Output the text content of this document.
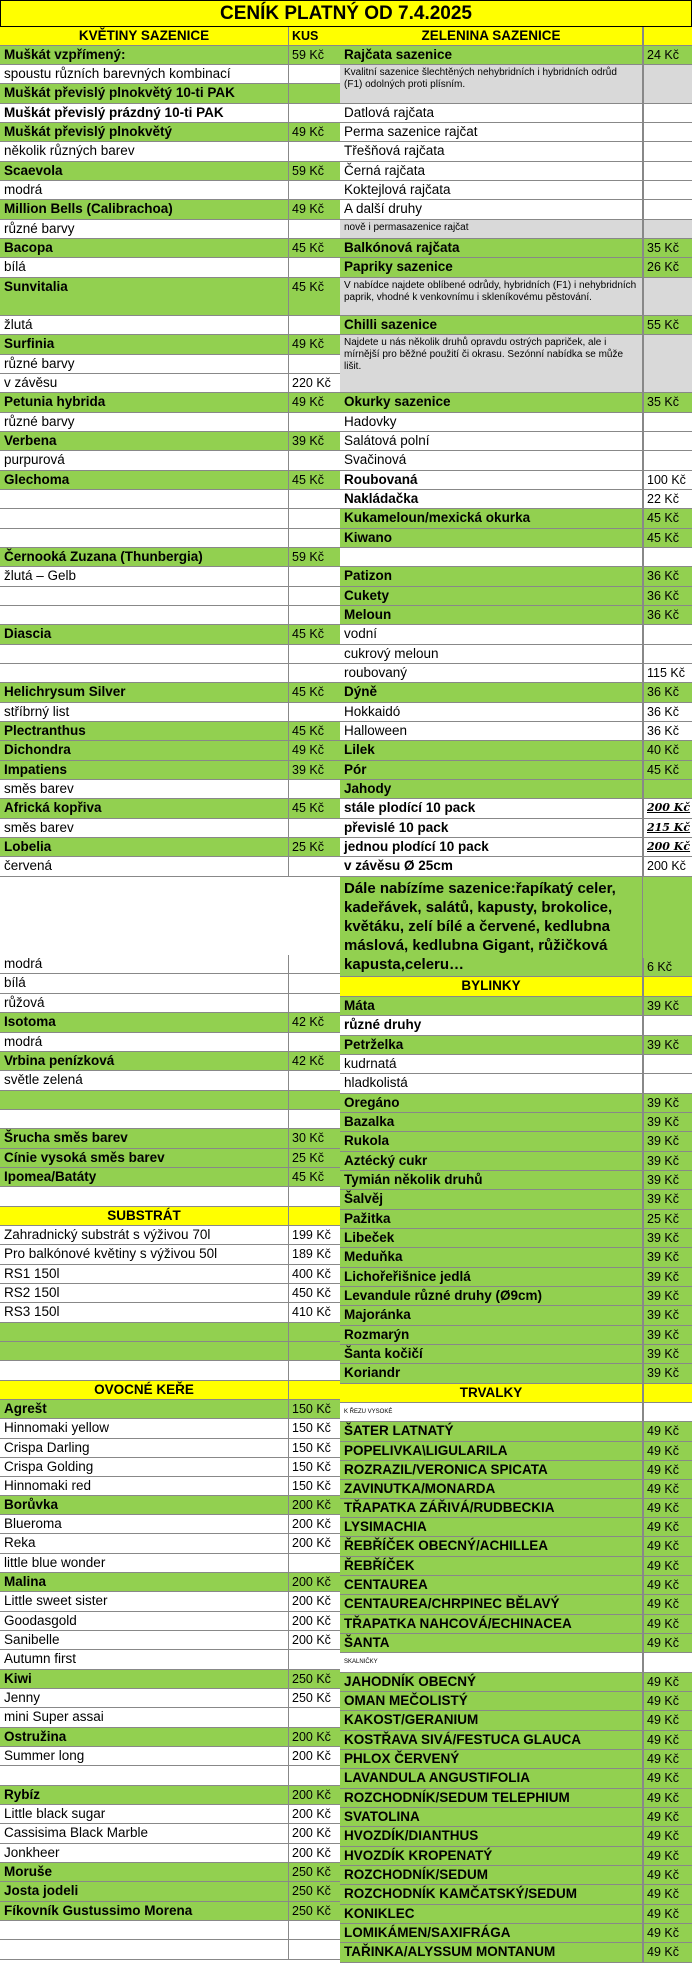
CENÍK PLATNÝ OD 7.4.2025
KVĚTINY SAZENICE	KUS
Muškát vzpřímený:	59 Kč
spoustu různích barevných kombinací
Muškát převislý plnokvětý 10-ti PAK
Muškát převislý prázdný 10-ti PAK
Muškát převislý plnokvětý	49 Kč
několik různých barev
Scaevola	59 Kč
modrá
Million Bells (Calibrachoa)	49 Kč
různé barvy
Bacopa	45 Kč
bílá
Sunvitalia	45 Kč
žlutá
Surfinia	49 Kč
různé barvy
v závěsu	220 Kč
Petunia hybrida	49 Kč
různé barvy
Verbena	39 Kč
purpurová
Glechoma	45 Kč
Černooká Zuzana (Thunbergia)	59 Kč
žlutá – Gelb
Diascia	45 Kč
Helichrysum Silver	45 Kč
stříbrný list
Plectranthus	45 Kč
Dichondra	49 Kč
Impatiens	39 Kč
směs barev
Africká kopřiva	45 Kč
směs barev
Lobelia	25 Kč
červená
modrá
bílá
růžová
Isotoma	42 Kč
modrá
Vrbina penízková	42 Kč
světle zelená
Šrucha směs barev	30 Kč
Cínie vysoká směs barev	25 Kč
Ipomea/Batáty	45 Kč
SUBSTRÁT
Zahradnický substrát s výživou 70l	199 Kč
Pro balkónové květiny s výživou 50l	189 Kč
RS1 150l	400 Kč
RS2 150l	450 Kč
RS3 150l	410 Kč
OVOCNÉ KEŘE
Agrešt	150 Kč
Hinnomaki yellow	150 Kč
Crispa Darling	150 Kč
Crispa Golding	150 Kč
Hinnomaki red	150 Kč
Borůvka	200 Kč
Blueroma	200 Kč
Reka	200 Kč
little blue wonder
Malina	200 Kč
Little sweet sister	200 Kč
Goodasgold	200 Kč
Sanibelle	200 Kč
Autumn first
Kiwi	250 Kč
Jenny	250 Kč
mini Super assai
Ostružina	200 Kč
Summer long	200 Kč
Rybíz	200 Kč
Little black sugar	200 Kč
Cassisima Black Marble	200 Kč
Jonkheer	200 Kč
Moruše	250 Kč
Josta jodeli	250 Kč
Fíkovník Gustussimo Morena	250 Kč
ZELENINA SAZENICE
Rajčata sazenice	24 Kč
Kvalitní sazenice šlechtěných nehybridních i hybridních odrůd (F1) odolných proti plísním.
Datlová rajčata
Perma sazenice rajčat
Třešňová rajčata
Černá rajčata
Koktejlová rajčata
A další druhy
nově i permasazenice rajčat
Balkónová rajčata	35 Kč
Papriky sazenice	26 Kč
V nabídce najdete oblíbené odrůdy, hybridních (F1) i nehybridních paprik, vhodné k venkovnímu i skleníkovému pěstování.
Chilli sazenice	55 Kč
Najdete u nás několik druhů opravdu ostrých papriček, ale i mírnější pro běžné použití či okrasu. Sezónní nabídka se může lišit.
Okurky sazenice	35 Kč
Hadovky
Salátová polní
Svačinová
Roubovaná	100 Kč
Nakládačka	22 Kč
Kukameloun/mexická okurka	45 Kč
Kiwano	45 Kč
Patizon	36 Kč
Cukety	36 Kč
Meloun	36 Kč
vodní
cukrový meloun
roubovaný	115 Kč
Dýně	36 Kč
Hokkaidó	36 Kč
Halloween	36 Kč
Lilek	40 Kč
Pór	45 Kč
Jahody
stále plodící 10 pack	200 Kč
převislé 10 pack	215 Kč
jednou plodící 10 pack	200 Kč
v závěsu Ø 25cm	200 Kč
Dále nabízíme sazenice:řapíkatý celer, kadeřávek, salátů, kapusty, brokolice, květáku, zelí bílé a červené, kedlubna máslová, kedlubna Gigant, růžičková kapusta,celeru…	6 Kč
BYLINKY
Máta	39 Kč
různé druhy
Petrželka	39 Kč
kudrnatá
hladkolistá
Oregáno	39 Kč
Bazalka	39 Kč
Rukola	39 Kč
Aztécký cukr	39 Kč
Tymián několik druhů	39 Kč
Šalvěj	39 Kč
Pažitka	25 Kč
Libeček	39 Kč
Meduňka	39 Kč
Lichořeřišnice jedlá	39 Kč
Levandule různé druhy (Ø9cm)	39 Kč
Majoránka	39 Kč
Rozmarýn	39 Kč
Šanta kočičí	39 Kč
Koriandr	39 Kč
TRVALKY
K ŘEZU VYSOKÉ
ŠATER LATNATÝ	49 Kč
POPELIVKA\LIGULARILA	49 Kč
ROZRAZIL/VERONICA SPICATA	49 Kč
ZAVINUTKA/MONARDA	49 Kč
TŘAPATKA ZÁŘIVÁ/RUDBECKIA	49 Kč
LYSIMACHIA	49 Kč
ŘEBŘÍČEK OBECNÝ/ACHILLEA	49 Kč
ŘEBŘÍČEK	49 Kč
CENTAUREA	49 Kč
CENTAUREA/CHRPINEC BĚLAVÝ	49 Kč
TŘAPATKA NAHCOVÁ/ECHINACEA	49 Kč
ŠANTA	49 Kč
SKALNIČKY
JAHODNÍK OBECNÝ	49 Kč
OMAN MEČOLISTÝ	49 Kč
KAKOST/GERANIUM	49 Kč
KOSTŘAVA SIVÁ/FESTUCA GLAUCA	49 Kč
PHLOX ČERVENÝ	49 Kč
LAVANDULA ANGUSTIFOLIA	49 Kč
ROZCHODNÍK/SEDUM TELEPHIUM	49 Kč
SVATOLINA	49 Kč
HVOZDÍK/DIANTHUS	49 Kč
HVOZDÍK KROPENATÝ	49 Kč
ROZCHODNÍK/SEDUM	49 Kč
ROZCHODNÍK KAMČATSKÝ/SEDUM	49 Kč
KONIKLEC	49 Kč
LOMIKÁMEN/SAXIFRÁGA	49 Kč
TAŘINKA/ALYSSUM MONTANUM	49 Kč
